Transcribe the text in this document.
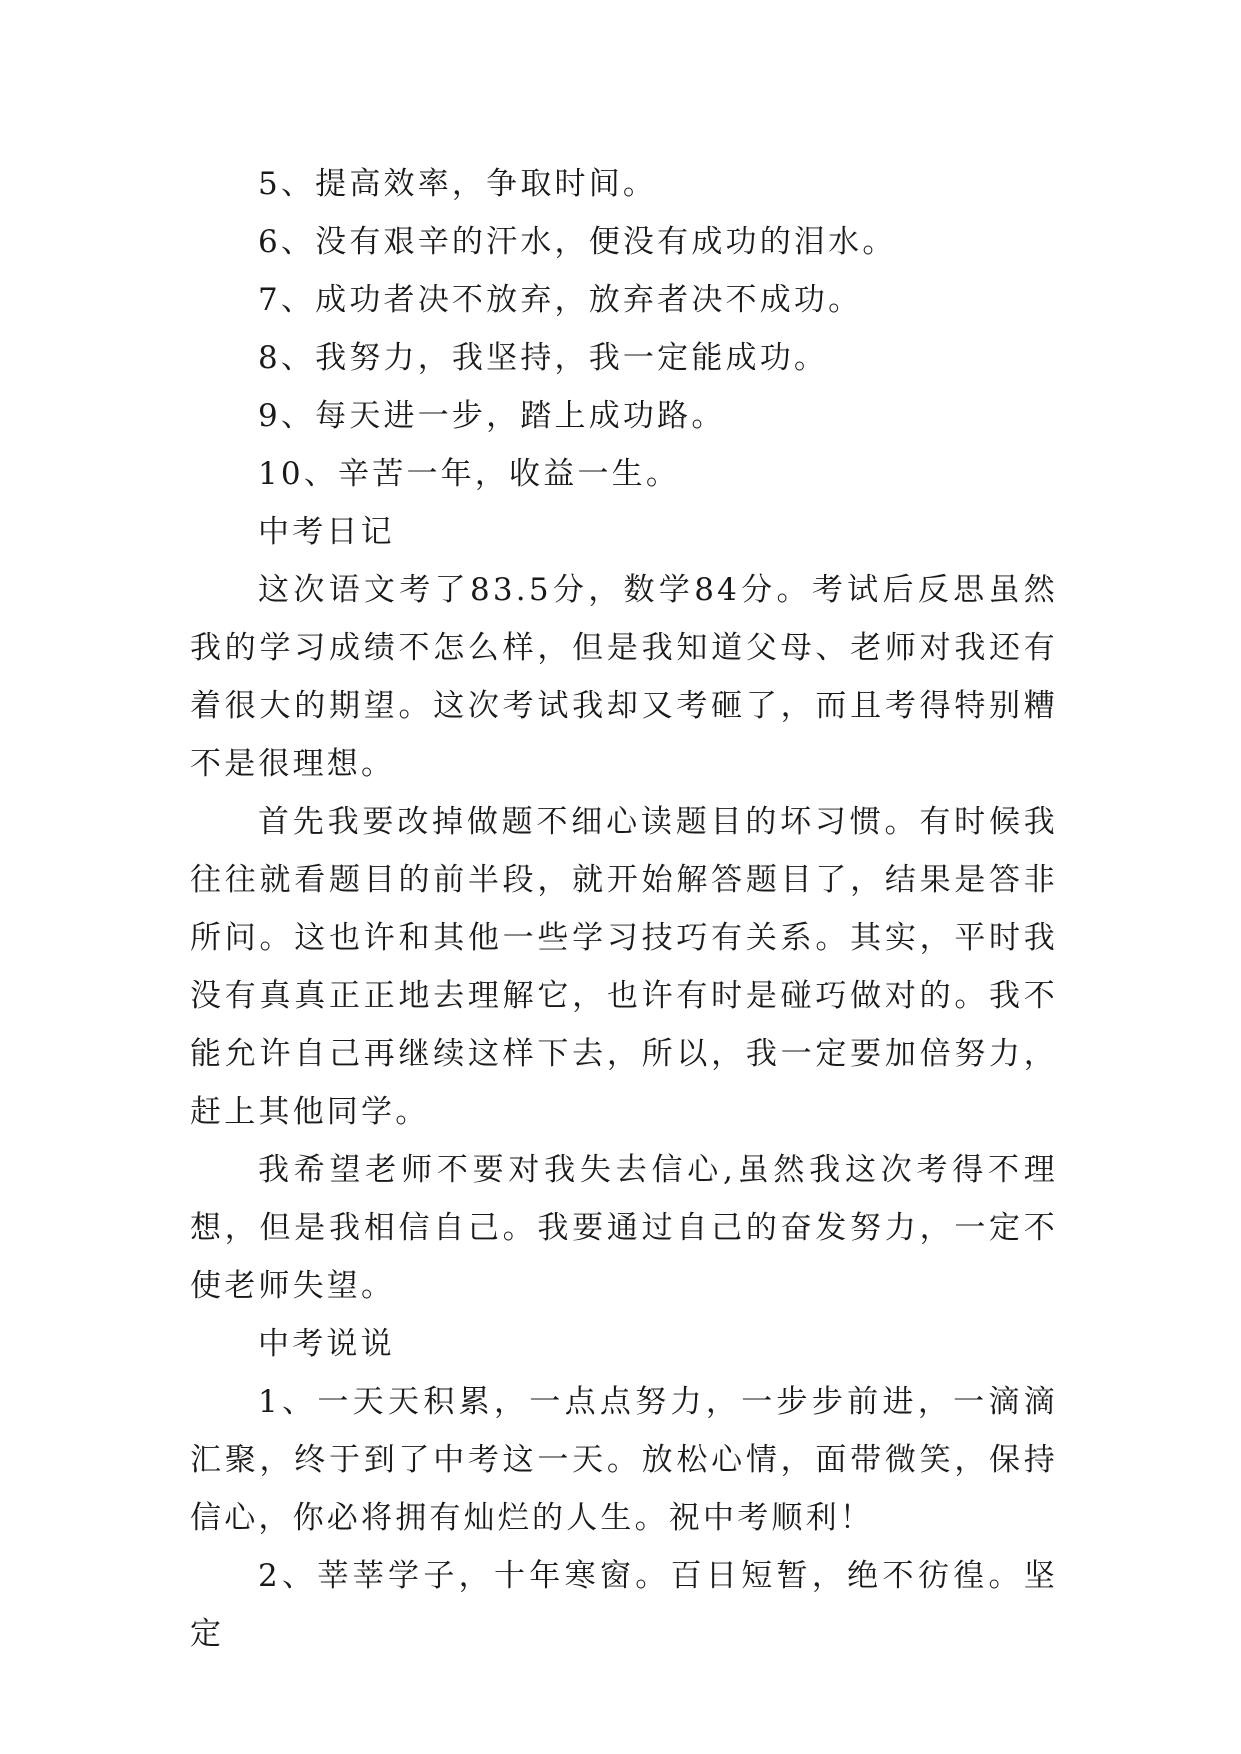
5、提高效率，争取时间。

6、没有艰辛的汗水，便没有成功的泪水。

7、成功者决不放弃，放弃者决不成功。

8、我努力，我坚持，我一定能成功。

9、每天进一步，踏上成功路。

10、辛苦一年，收益一生。

中考日记

这次语文考了83.5分，数学84分。考试后反思虽然我的学习成绩不怎么样，但是我知道父母、老师对我还有着很大的期望。这次考试我却又考砸了，而且考得特别糟不是很理想。

首先我要改掉做题不细心读题目的坏习惯。有时候我往往就看题目的前半段，就开始解答题目了，结果是答非所问。这也许和其他一些学习技巧有关系。其实，平时我没有真真正正地去理解它，也许有时是碰巧做对的。我不能允许自己再继续这样下去，所以，我一定要加倍努力，赶上其他同学。

我希望老师不要对我失去信心,虽然我这次考得不理想，但是我相信自己。我要通过自己的奋发努力，一定不使老师失望。

中考说说

1、一天天积累，一点点努力，一步步前进，一滴滴汇聚，终于到了中考这一天。放松心情，面带微笑，保持信心，你必将拥有灿烂的人生。祝中考顺利！

2、莘莘学子，十年寒窗。百日短暂，绝不彷徨。坚定
